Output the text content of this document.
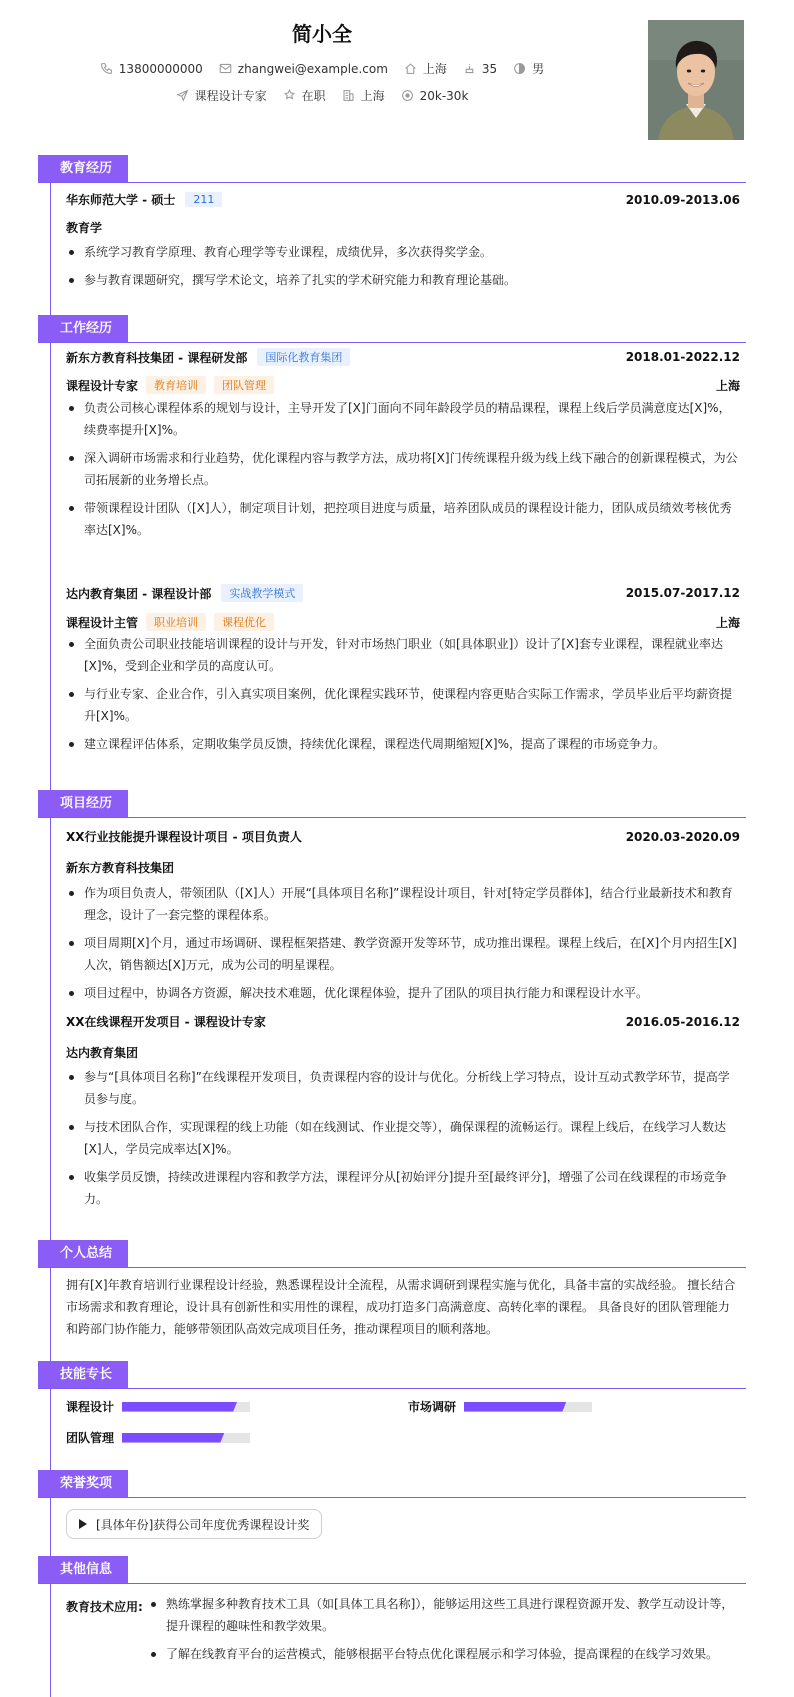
简小全
13800000000	zhangwei@example.com	上海	35	男
课程设计专家	在职	上海	20k-30k
教育经历
华东师范大学 - 硕士	211	2010.09-2013.06
教育学
系统学习教育学原理、教育心理学等专业课程，成绩优异，多次获得奖学金。
参与教育课题研究，撰写学术论文，培养了扎实的学术研究能力和教育理论基础。
工作经历
新东方教育科技集团 - 课程研发部	国际化教育集团	2018.01-2022.12
课程设计专家	教育培训	团队管理	上海
负责公司核心课程体系的规划与设计，主导开发了[X]门面向不同年龄段学员的精品课程，课程上线后学员满意度达[X]%，续费率提升[X]%。
深入调研市场需求和行业趋势，优化课程内容与教学方法，成功将[X]门传统课程升级为线上线下融合的创新课程模式，为公司拓展新的业务增长点。
带领课程设计团队（[X]人），制定项目计划，把控项目进度与质量，培养团队成员的课程设计能力，团队成员绩效考核优秀率达[X]%。
达内教育集团 - 课程设计部	实战教学模式	2015.07-2017.12
课程设计主管	职业培训	课程优化	上海
全面负责公司职业技能培训课程的设计与开发，针对市场热门职业（如[具体职业]）设计了[X]套专业课程，课程就业率达[X]%，受到企业和学员的高度认可。
与行业专家、企业合作，引入真实项目案例，优化课程实践环节，使课程内容更贴合实际工作需求，学员毕业后平均薪资提升[X]%。
建立课程评估体系，定期收集学员反馈，持续优化课程，课程迭代周期缩短[X]%，提高了课程的市场竞争力。
项目经历
XX行业技能提升课程设计项目 - 项目负责人	2020.03-2020.09
新东方教育科技集团
作为项目负责人，带领团队（[X]人）开展“[具体项目名称]”课程设计项目，针对[特定学员群体]，结合行业最新技术和教育理念，设计了一套完整的课程体系。
项目周期[X]个月，通过市场调研、课程框架搭建、教学资源开发等环节，成功推出课程。课程上线后，在[X]个月内招生[X]人次，销售额达[X]万元，成为公司的明星课程。
项目过程中，协调各方资源，解决技术难题，优化课程体验，提升了团队的项目执行能力和课程设计水平。
XX在线课程开发项目 - 课程设计专家	2016.05-2016.12
达内教育集团
参与“[具体项目名称]”在线课程开发项目，负责课程内容的设计与优化。分析线上学习特点，设计互动式教学环节，提高学员参与度。
与技术团队合作，实现课程的线上功能（如在线测试、作业提交等），确保课程的流畅运行。课程上线后，在线学习人数达[X]人，学员完成率达[X]%。
收集学员反馈，持续改进课程内容和教学方法，课程评分从[初始评分]提升至[最终评分]，增强了公司在线课程的市场竞争力。
个人总结
拥有[X]年教育培训行业课程设计经验，熟悉课程设计全流程，从需求调研到课程实施与优化，具备丰富的实战经验。 擅长结合市场需求和教育理论，设计具有创新性和实用性的课程，成功打造多门高满意度、高转化率的课程。 具备良好的团队管理能力和跨部门协作能力，能够带领团队高效完成项目任务，推动课程项目的顺利落地。
技能专长
课程设计	市场调研
团队管理
荣誉奖项
[具体年份]获得公司年度优秀课程设计奖
其他信息
教育技术应用:	熟练掌握多种教育技术工具（如[具体工具名称]），能够运用这些工具进行课程资源开发、教学互动设计等，提升课程的趣味性和教学效果。
了解在线教育平台的运营模式，能够根据平台特点优化课程展示和学习体验，提高课程的在线学习效果。
